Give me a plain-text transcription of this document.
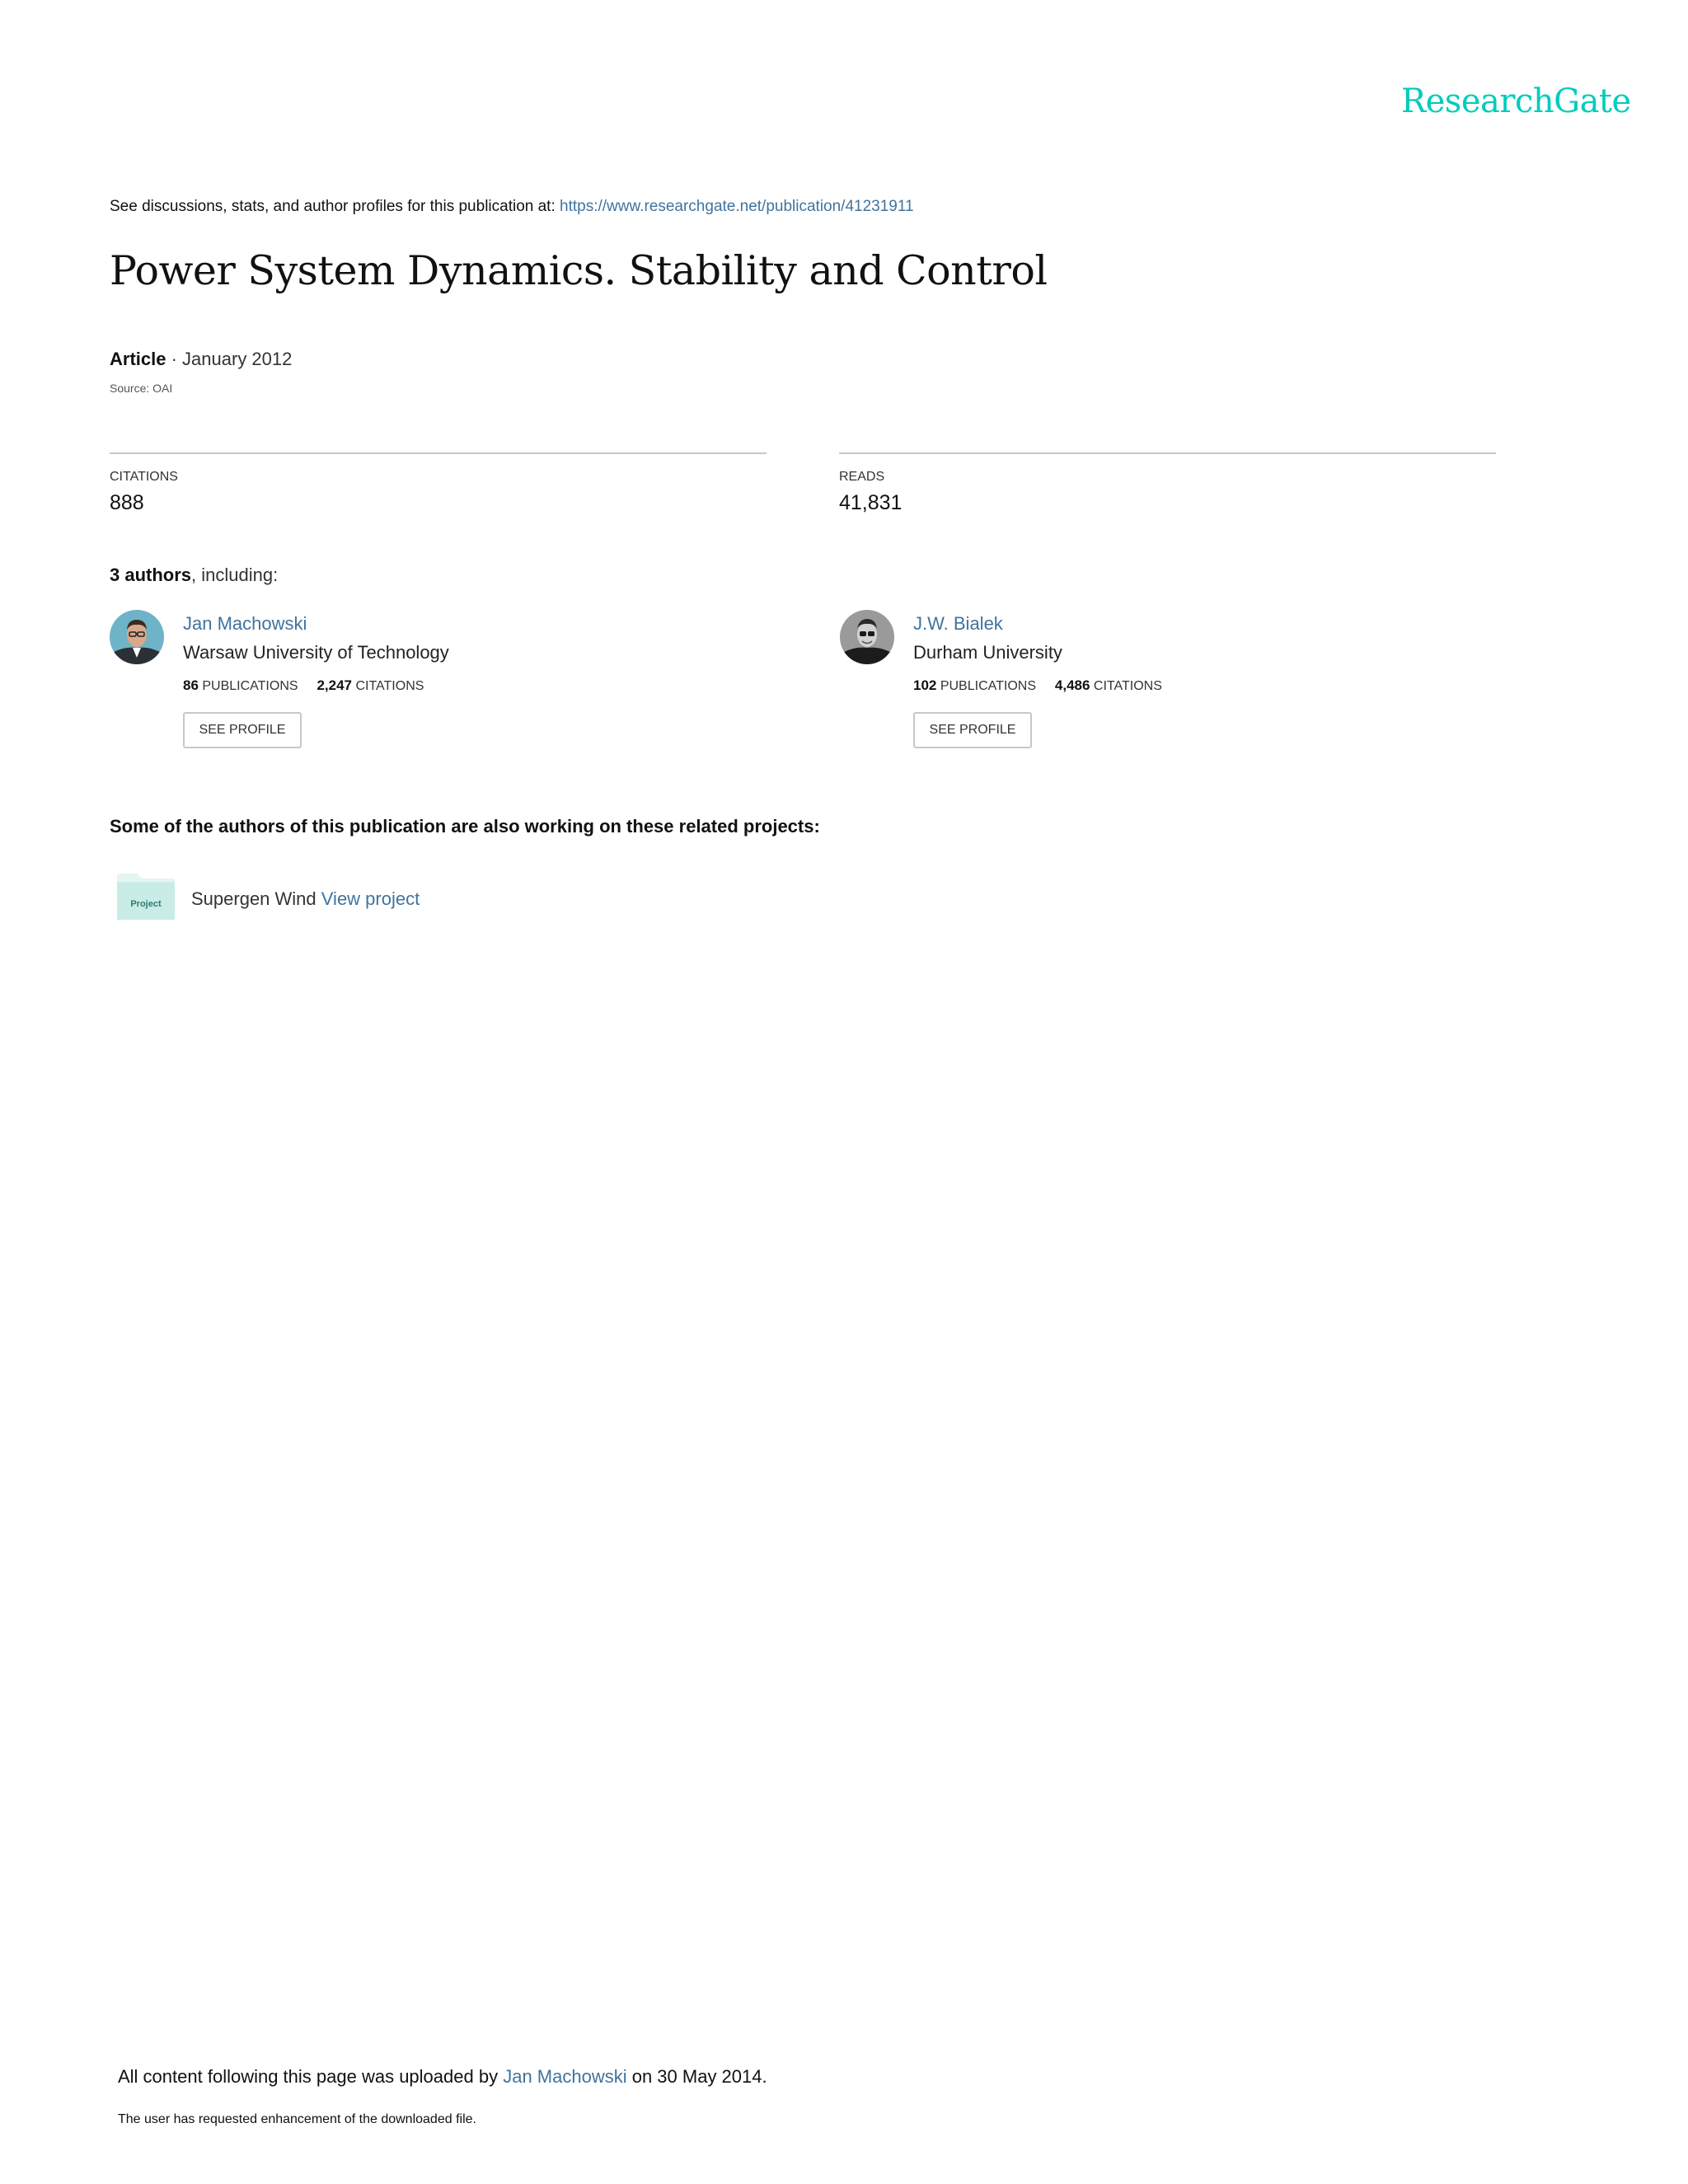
ResearchGate
See discussions, stats, and author profiles for this publication at: https://www.researchgate.net/publication/41231911
Power System Dynamics. Stability and Control
Article · January 2012
Source: OAI
CITATIONS
888
READS
41,831
3 authors, including:
Jan Machowski
Warsaw University of Technology
86 PUBLICATIONS 2,247 CITATIONS
SEE PROFILE
J.W. Bialek
Durham University
102 PUBLICATIONS 4,486 CITATIONS
SEE PROFILE
Some of the authors of this publication are also working on these related projects:
Project Supergen Wind View project
All content following this page was uploaded by Jan Machowski on 30 May 2014.
The user has requested enhancement of the downloaded file.
